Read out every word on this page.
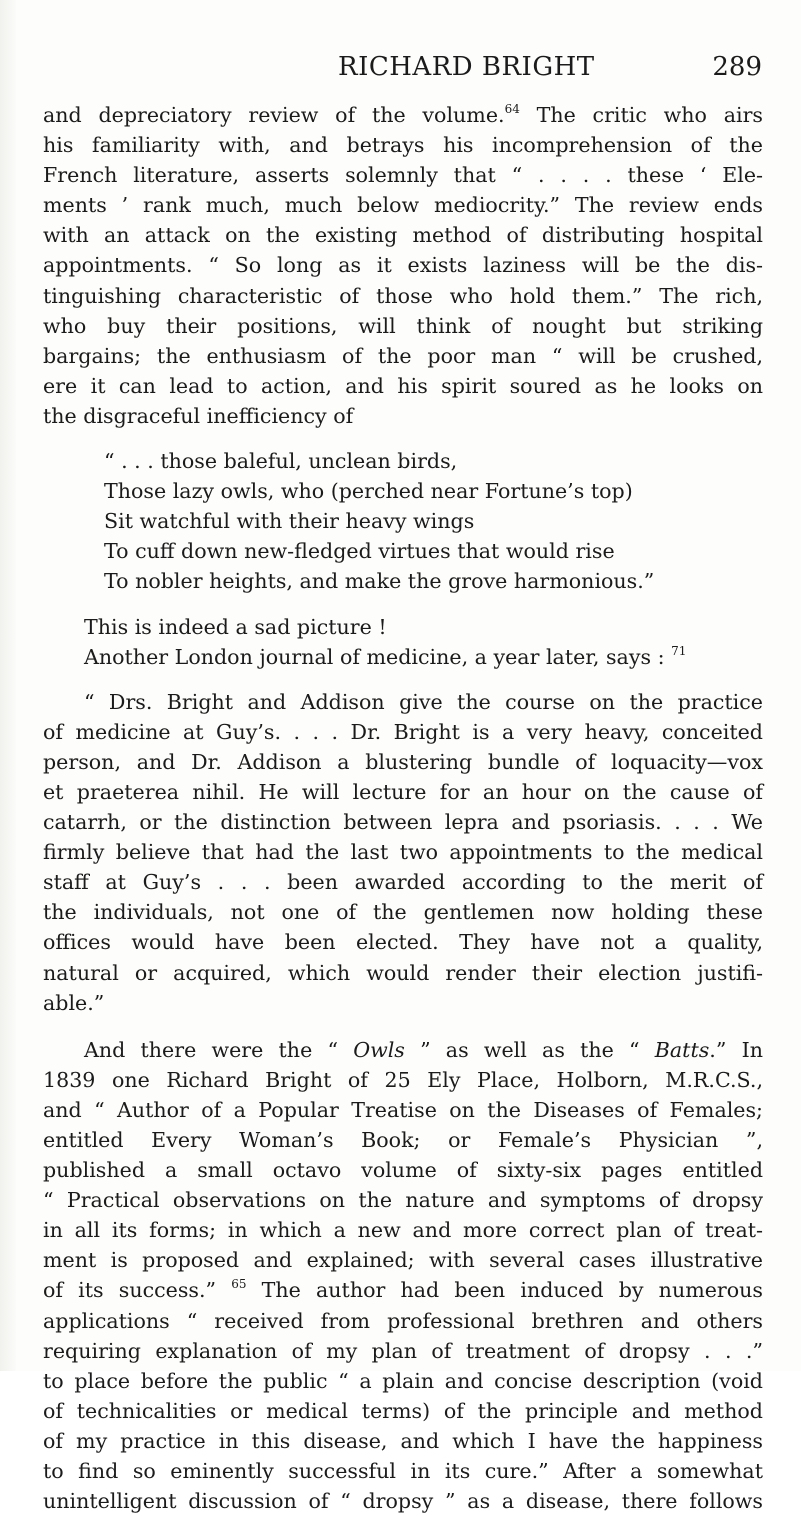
RICHARD BRIGHT	289
and depreciatory review of the volume.$^{64}$ The critic who airs
his familiarity with, and betrays his incomprehension of the
French literature, asserts solemnly that “ . . . . these ‘ Ele-
ments ’ rank much, much below mediocrity.” The review ends
with an attack on the existing method of distributing hospital
appointments. “ So long as it exists laziness will be the dis-
tinguishing characteristic of those who hold them.” The rich,
who buy their positions, will think of nought but striking
bargains; the enthusiasm of the poor man “ will be crushed,
ere it can lead to action, and his spirit soured as he looks on
the disgraceful inefficiency of
“ . . . those baleful, unclean birds,
Those lazy owls, who (perched near Fortune’s top)
Sit watchful with their heavy wings
To cuff down new-fledged virtues that would rise
To nobler heights, and make the grove harmonious.”
This is indeed a sad picture !
Another London journal of medicine, a year later, says : $^{71}$
“ Drs. Bright and Addison give the course on the practice
of medicine at Guy’s. . . . Dr. Bright is a very heavy, conceited
person, and Dr. Addison a blustering bundle of loquacity—vox
et praeterea nihil. He will lecture for an hour on the cause of
catarrh, or the distinction between lepra and psoriasis. . . . We
firmly believe that had the last two appointments to the medical
staff at Guy’s . . . been awarded according to the merit of
the individuals, not one of the gentlemen now holding these
offices would have been elected. They have not a quality,
natural or acquired, which would render their election justifi-
able.”
And there were the “ Owls ” as well as the “ Batts.” In
1839 one Richard Bright of 25 Ely Place, Holborn, M.R.C.S.,
and “ Author of a Popular Treatise on the Diseases of Females;
entitled Every Woman’s Book; or Female’s Physician ”,
published a small octavo volume of sixty-six pages entitled
“ Practical observations on the nature and symptoms of dropsy
in all its forms; in which a new and more correct plan of treat-
ment is proposed and explained; with several cases illustrative
of its success.” $^{65}$ The author had been induced by numerous
applications “ received from professional brethren and others
requiring explanation of my plan of treatment of dropsy . . .”
to place before the public “ a plain and concise description (void
of technicalities or medical terms) of the principle and method
of my practice in this disease, and which I have the happiness
to find so eminently successful in its cure.” After a somewhat
unintelligent discussion of “ dropsy ” as a disease, there follows
